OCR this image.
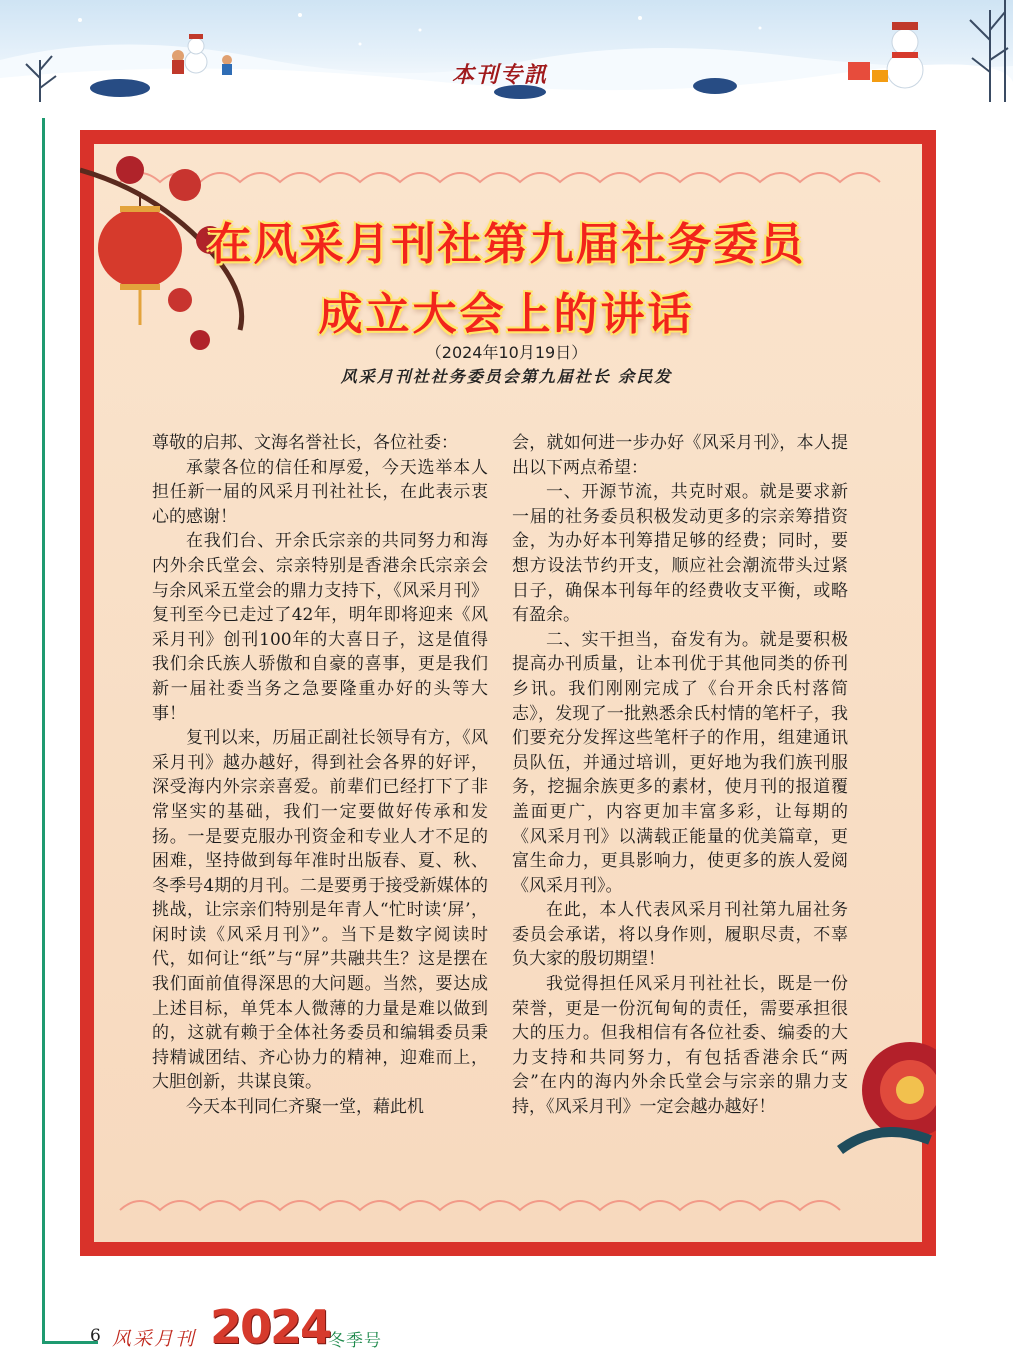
本刊专訊
在风采月刊社第九届社务委员
成立大会上的讲话
（2024年10月19日）
风采月刊社社务委员会第九届社长 余民发

尊敬的启邦、文海名誉社长，各位社委：

承蒙各位的信任和厚爱，今天选举本人担任新一届的风采月刊社社长，在此表示衷心的感谢！

在我们台、开余氏宗亲的共同努力和海内外余氏堂会、宗亲特别是香港余氏宗亲会与余风采五堂会的鼎力支持下，《风采月刊》复刊至今已走过了42年，明年即将迎来《风采月刊》创刊100年的大喜日子，这是值得我们余氏族人骄傲和自豪的喜事，更是我们新一届社委当务之急要隆重办好的头等大事！

复刊以来，历届正副社长领导有方，《风采月刊》越办越好，得到社会各界的好评，深受海内外宗亲喜爱。前辈们已经打下了非常坚实的基础，我们一定要做好传承和发扬。一是要克服办刊资金和专业人才不足的困难，坚持做到每年准时出版春、夏、秋、冬季号4期的月刊。二是要勇于接受新媒体的挑战，让宗亲们特别是年青人“忙时读‘屏’，闲时读《风采月刊》”。当下是数字阅读时代，如何让“纸”与“屏”共融共生？这是摆在我们面前值得深思的大问题。当然，要达成上述目标，单凭本人微薄的力量是难以做到的，这就有赖于全体社务委员和编辑委员秉持精诚团结、齐心协力的精神，迎难而上，大胆创新，共谋良策。

今天本刊同仁齐聚一堂，藉此机

会，就如何进一步办好《风采月刊》，本人提出以下两点希望：

一、开源节流，共克时艰。就是要求新一届的社务委员积极发动更多的宗亲筹措资金，为办好本刊筹措足够的经费；同时，要想方设法节约开支，顺应社会潮流带头过紧日子，确保本刊每年的经费收支平衡，或略有盈余。

二、实干担当，奋发有为。就是要积极提高办刊质量，让本刊优于其他同类的侨刊乡讯。我们刚刚完成了《台开余氏村落简志》，发现了一批熟悉余氏村情的笔杆子，我们要充分发挥这些笔杆子的作用，组建通讯员队伍，并通过培训，更好地为我们族刊服务，挖掘余族更多的素材，使月刊的报道覆盖面更广，内容更加丰富多彩，让每期的《风采月刊》以满载正能量的优美篇章，更富生命力，更具影响力，使更多的族人爱阅《风采月刊》。

在此，本人代表风采月刊社第九届社务委员会承诺，将以身作则，履职尽责，不辜负大家的殷切期望！

我觉得担任风采月刊社社长，既是一份荣誉，更是一份沉甸甸的责任，需要承担很大的压力。但我相信有各位社委、编委的大力支持和共同努力，有包括香港余氏“两会”在内的海内外余氏堂会与宗亲的鼎力支持，《风采月刊》一定会越办越好！

6 风采月刊 2024
冬季号
